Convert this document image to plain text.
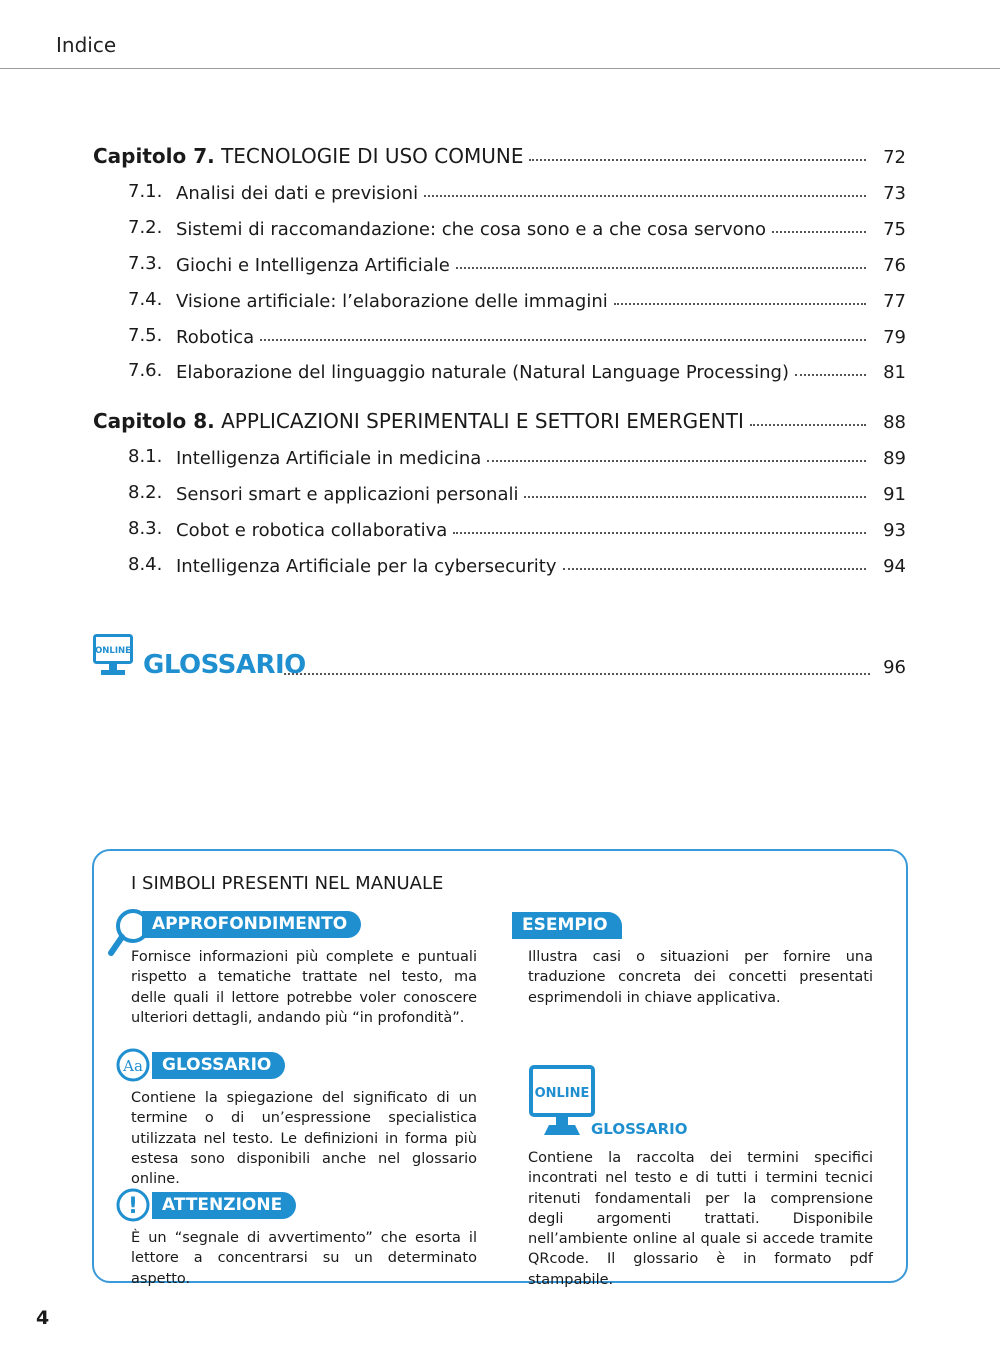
Indice
Capitolo 7. TECNOLOGIE DI USO COMUNE	72
7.1. Analisi dei dati e previsioni	73
7.2. Sistemi di raccomandazione: che cosa sono e a che cosa servono	75
7.3. Giochi e Intelligenza Artificiale	76
7.4. Visione artificiale: l’elaborazione delle immagini	77
7.5. Robotica	79
7.6. Elaborazione del linguaggio naturale (Natural Language Processing)	81
Capitolo 8. APPLICAZIONI SPERIMENTALI E SETTORI EMERGENTI	88
8.1. Intelligenza Artificiale in medicina	89
8.2. Sensori smart e applicazioni personali	91
8.3. Cobot e robotica collaborativa	93
8.4. Intelligenza Artificiale per la cybersecurity	94
ONLINE GLOSSARIO	96
I SIMBOLI PRESENTI NEL MANUALE
APPROFONDIMENTO
Fornisce informazioni più complete e puntuali rispetto a tematiche trattate nel testo, ma delle quali il lettore potrebbe voler conoscere ulteriori dettagli, andando più “in profondità”.
ESEMPIO
Illustra casi o situazioni per fornire una traduzione concreta dei concetti presentati esprimendoli in chiave applicativa.
Aa	GLOSSARIO
Contiene la spiegazione del significato di un termine o di un’espressione specialistica utilizzata nel testo. Le definizioni in forma più estesa sono disponibili anche nel glossario online.
!	ATTENZIONE
È un “segnale di avvertimento” che esorta il lettore a concentrarsi su un determinato aspetto.
ONLINE
GLOSSARIO
Contiene la raccolta dei termini specifici incontrati nel testo e di tutti i termini tecnici ritenuti fondamentali per la comprensione degli argomenti trattati. Disponibile nell’ambiente online al quale si accede tramite QRcode. Il glossario è in formato pdf stampabile.
4
